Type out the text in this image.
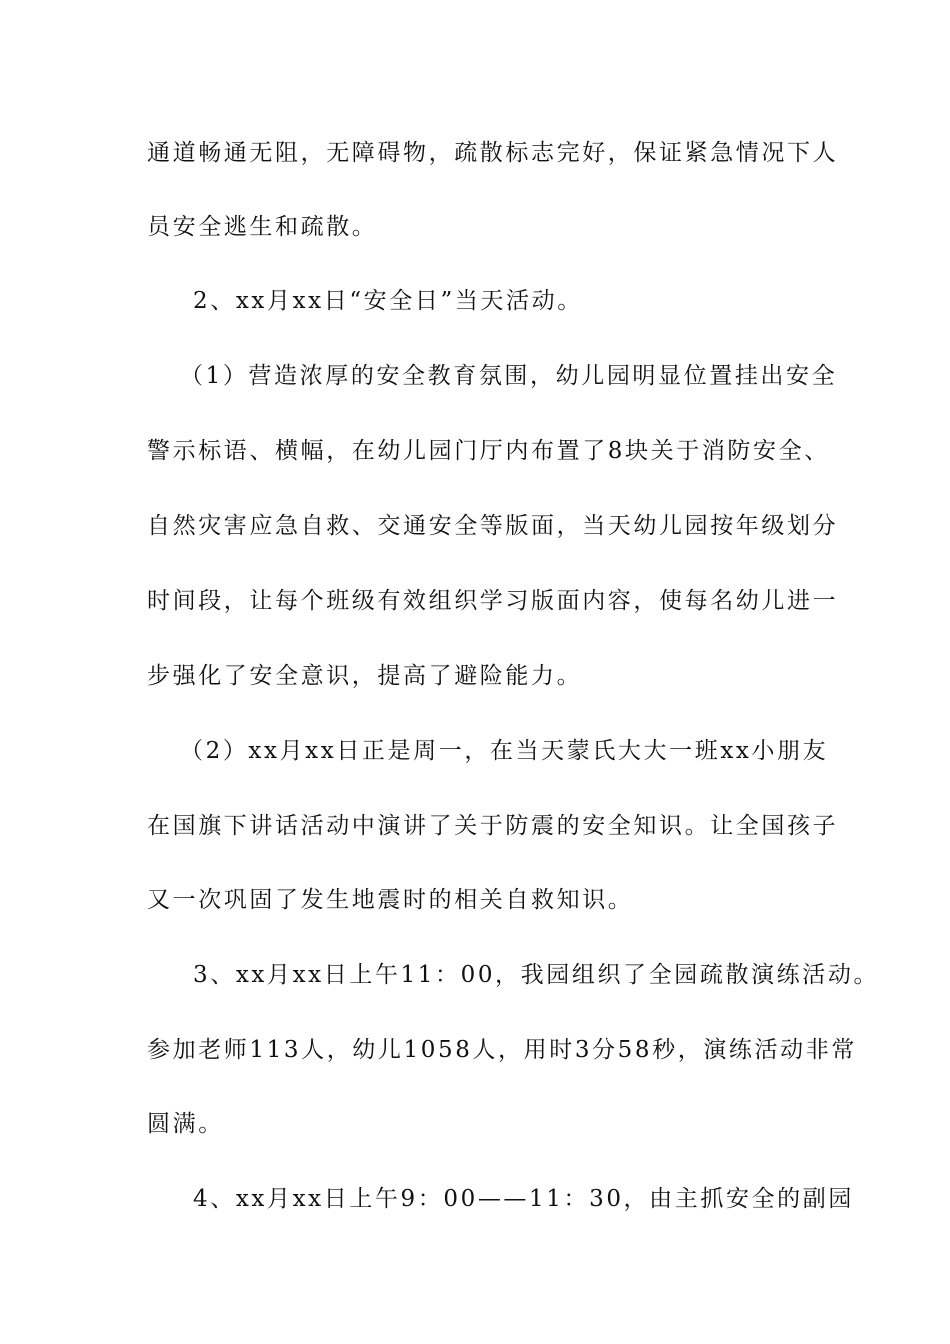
通道畅通无阻，无障碍物，疏散标志完好，保证紧急情况下人
员安全逃生和疏散。
2、xx月xx日“安全日”当天活动。
（1）营造浓厚的安全教育氛围，幼儿园明显位置挂出安全
警示标语、横幅，在幼儿园门厅内布置了8块关于消防安全、
自然灾害应急自救、交通安全等版面，当天幼儿园按年级划分
时间段，让每个班级有效组织学习版面内容，使每名幼儿进一
步强化了安全意识，提高了避险能力。
（2）xx月xx日正是周一，在当天蒙氏大大一班xx小朋友
在国旗下讲话活动中演讲了关于防震的安全知识。让全国孩子
又一次巩固了发生地震时的相关自救知识。
3、xx月xx日上午11：00，我园组织了全园疏散演练活动。
参加老师113人，幼儿1058人，用时3分58秒，演练活动非常
圆满。
4、xx月xx日上午9：00——11：30，由主抓安全的副园
